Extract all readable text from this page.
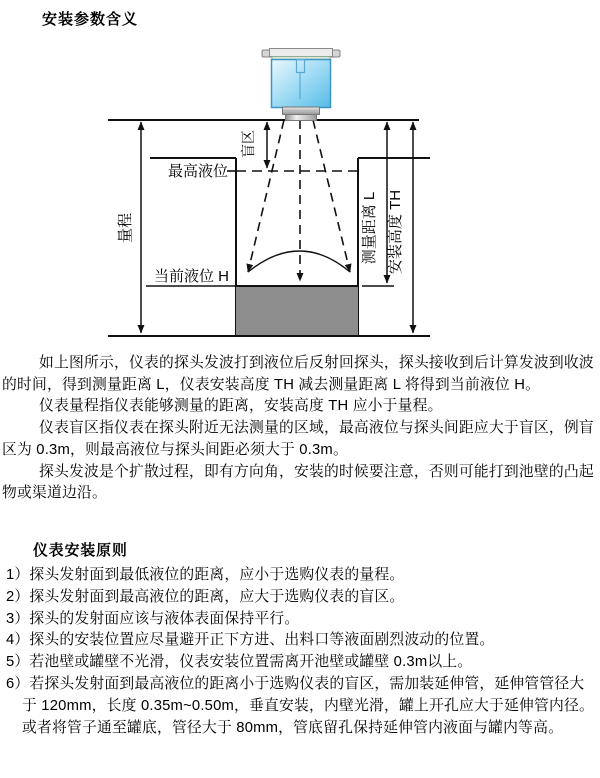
安装参数含义
最高液位
当前液位 H
量程
盲区
测量距离 L 安装高度 TH

如上图所示，仪表的探头发波打到液位后反射回探头，探头接收到后计算发波到收波的时间，得到测量距离 L，仪表安装高度 TH 减去测量距离 L 将得到当前液位 H。

仪表量程指仪表能够测量的距离，安装高度 TH 应小于量程。

仪表盲区指仪表在探头附近无法测量的区域，最高液位与探头间距应大于盲区，例盲区为 0.3m，则最高液位与探头间距必须大于 0.3m。

探头发波是个扩散过程，即有方向角，安装的时候要注意，否则可能打到池壁的凸起物或渠道边沿。

仪表安装原则
1）探头发射面到最低液位的距离，应小于选购仪表的量程。
2）探头发射面到最高液位的距离，应大于选购仪表的盲区。
3）探头的发射面应该与液体表面保持平行。
4）探头的安装位置应尽量避开正下方进、出料口等液面剧烈波动的位置。
5）若池壁或罐壁不光滑，仪表安装位置需离开池壁或罐壁 0.3m以上。
6）若探头发射面到最高液位的距离小于选购仪表的盲区，需加装延伸管，延伸管管径大于 120mm，长度 0.35m~0.50m，垂直安装，内壁光滑，罐上开孔应大于延伸管内径。或者将管子通至罐底，管径大于 80mm，管底留孔保持延伸管内液面与罐内等高。
